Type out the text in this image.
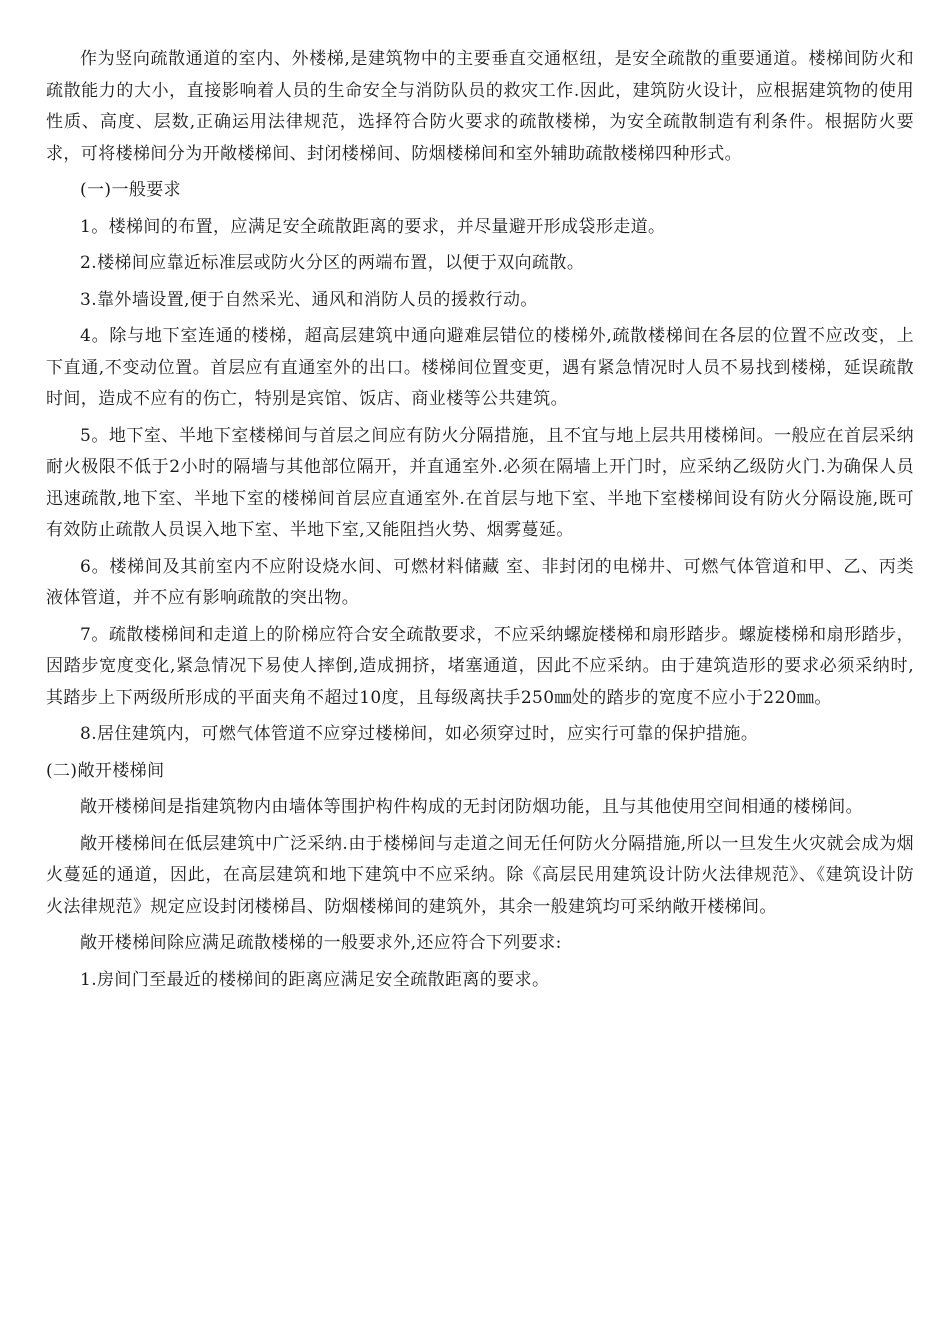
作为竖向疏散通道的室内、外楼梯,是建筑物中的主要垂直交通枢纽，是安全疏散的重要通道。楼梯间防火和疏散能力的大小，直接影响着人员的生命安全与消防队员的救灾工作.因此，建筑防火设计，应根据建筑物的使用性质、高度、层数,正确运用法律规范，选择符合防火要求的疏散楼梯，为安全疏散制造有利条件。根据防火要求，可将楼梯间分为开敞楼梯间、封闭楼梯间、防烟楼梯间和室外辅助疏散楼梯四种形式。

(一)一般要求

1。楼梯间的布置，应满足安全疏散距离的要求，并尽量避开形成袋形走道。

2.楼梯间应靠近标准层或防火分区的两端布置，以便于双向疏散。

3.靠外墙设置,便于自然采光、通风和消防人员的援救行动。

4。除与地下室连通的楼梯，超高层建筑中通向避难层错位的楼梯外,疏散楼梯间在各层的位置不应改变，上下直通,不变动位置。首层应有直通室外的出口。楼梯间位置变更，遇有紧急情况时人员不易找到楼梯，延误疏散时间，造成不应有的伤亡，特别是宾馆、饭店、商业楼等公共建筑。

5。地下室、半地下室楼梯间与首层之间应有防火分隔措施，且不宜与地上层共用楼梯间。一般应在首层采纳耐火极限不低于2小时的隔墙与其他部位隔开，并直通室外.必须在隔墙上开门时，应采纳乙级防火门.为确保人员迅速疏散,地下室、半地下室的楼梯间首层应直通室外.在首层与地下室、半地下室楼梯间设有防火分隔设施,既可有效防止疏散人员误入地下室、半地下室,又能阻挡火势、烟雾蔓延。

6。楼梯间及其前室内不应附设烧水间、可燃材料储藏 室、非封闭的电梯井、可燃气体管道和甲、乙、丙类液体管道，并不应有影响疏散的突出物。

7。疏散楼梯间和走道上的阶梯应符合安全疏散要求，不应采纳螺旋楼梯和扇形踏步。螺旋楼梯和扇形踏步，因踏步宽度变化,紧急情况下易使人摔倒,造成拥挤，堵塞通道，因此不应采纳。由于建筑造形的要求必须采纳时,其踏步上下两级所形成的平面夹角不超过10度，且每级离扶手250㎜处的踏步的宽度不应小于220㎜。

8.居住建筑内，可燃气体管道不应穿过楼梯间，如必须穿过时，应实行可靠的保护措施。

(二)敞开楼梯间

敞开楼梯间是指建筑物内由墙体等围护构件构成的无封闭防烟功能，且与其他使用空间相通的楼梯间。

敞开楼梯间在低层建筑中广泛采纳.由于楼梯间与走道之间无任何防火分隔措施,所以一旦发生火灾就会成为烟火蔓延的通道，因此，在高层建筑和地下建筑中不应采纳。除《高层民用建筑设计防火法律规范》、《建筑设计防火法律规范》规定应设封闭楼梯昌、防烟楼梯间的建筑外，其余一般建筑均可采纳敞开楼梯间。

敞开楼梯间除应满足疏散楼梯的一般要求外,还应符合下列要求:

1.房间门至最近的楼梯间的距离应满足安全疏散距离的要求。
